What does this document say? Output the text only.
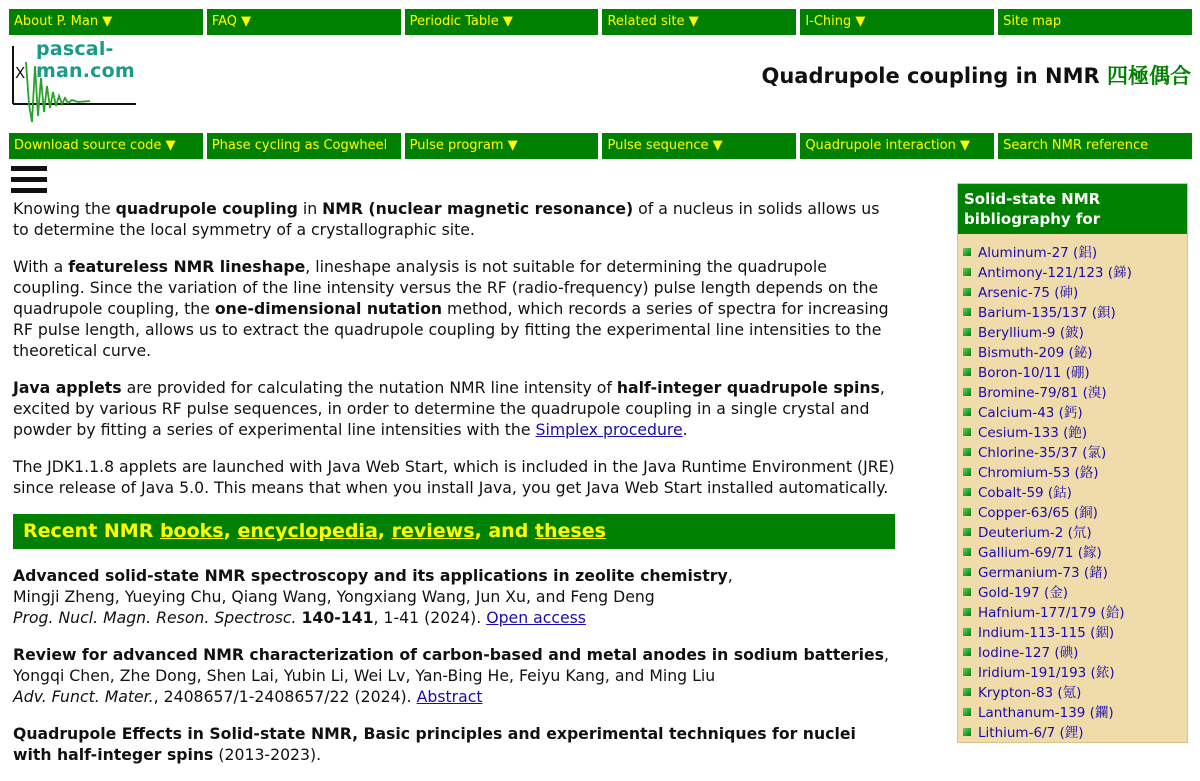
About P. Man ▼	FAQ ▼	Periodic Table ▼	Related site ▼	I-Ching ▼	Site map
X
pascal-man.com	Quadrupole coupling in NMR 四極偶合
Download source code ▼	Phase cycling as Cogwheel	Pulse program ▼	Pulse sequence ▼	Quadrupole interaction ▼	Search NMR reference

Knowing the quadrupole coupling in NMR (nuclear magnetic resonance) of a nucleus in solids allows us to determine the local symmetry of a crystallographic site.

With a featureless NMR lineshape, lineshape analysis is not suitable for determining the quadrupole coupling. Since the variation of the line intensity versus the RF (radio-frequency) pulse length depends on the quadrupole coupling, the one-dimensional nutation method, which records a series of spectra for increasing RF pulse length, allows us to extract the quadrupole coupling by fitting the experimental line intensities to the theoretical curve.

Java applets are provided for calculating the nutation NMR line intensity of half-integer quadrupole spins, excited by various RF pulse sequences, in order to determine the quadrupole coupling in a single crystal and powder by fitting a series of experimental line intensities with the Simplex procedure.

The JDK1.1.8 applets are launched with Java Web Start, which is included in the Java Runtime Environment (JRE) since release of Java 5.0. This means that when you install Java, you get Java Web Start installed automatically.

Recent NMR books, encyclopedia, reviews, and theses
Advanced solid-state NMR spectroscopy and its applications in zeolite chemistry,
Mingji Zheng, Yueying Chu, Qiang Wang, Yongxiang Wang, Jun Xu, and Feng Deng
Prog. Nucl. Magn. Reson. Spectrosc. 140-141, 1-41 (2024). Open access
Review for advanced NMR characterization of carbon-based and metal anodes in sodium batteries,
Yongqi Chen, Zhe Dong, Shen Lai, Yubin Li, Wei Lv, Yan-Bing He, Feiyu Kang, and Ming Liu
Adv. Funct. Mater., 2408657/1-2408657/22 (2024). Abstract
Quadrupole Effects in Solid-state NMR, Basic principles and experimental techniques for nuclei with half-integer spins (2013-2023).
Solid-state NMR bibliography for
Aluminum-27 (鋁)
Antimony-121/123 (銻)
Arsenic-75 (砷)
Barium-135/137 (鋇)
Beryllium-9 (鈹)
Bismuth-209 (鉍)
Boron-10/11 (硼)
Bromine-79/81 (溴)
Calcium-43 (鈣)
Cesium-133 (銫)
Chlorine-35/37 (氯)
Chromium-53 (鉻)
Cobalt-59 (鈷)
Copper-63/65 (銅)
Deuterium-2 (氘)
Gallium-69/71 (鎵)
Germanium-73 (鍺)
Gold-197 (金)
Hafnium-177/179 (鉿)
Indium-113-115 (銦)
Iodine-127 (碘)
Iridium-191/193 (銥)
Krypton-83 (氪)
Lanthanum-139 (鑭)
Lithium-6/7 (鋰)
